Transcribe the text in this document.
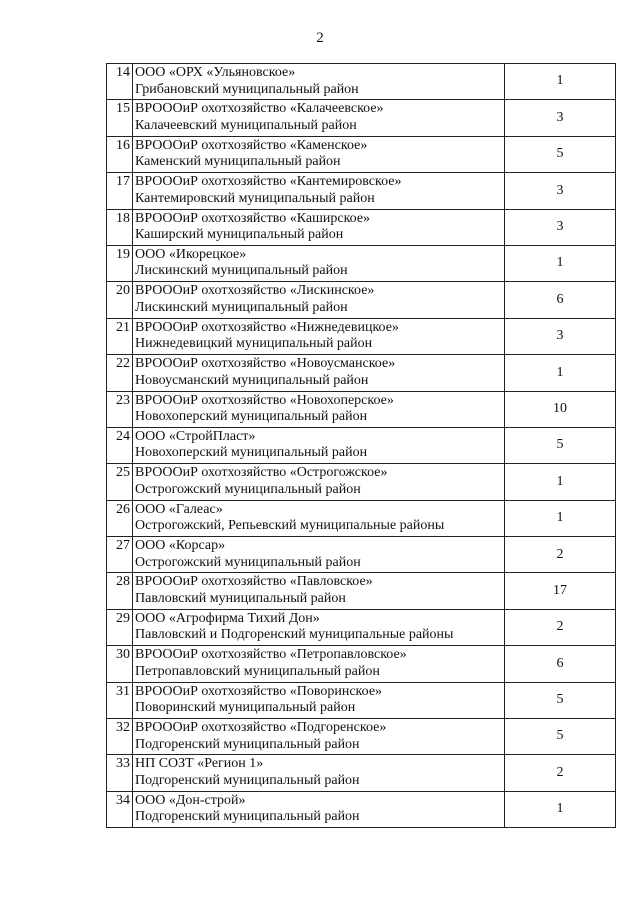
2
14	ООО «ОРХ «Ульяновское»
Грибановский муниципальный район	1
15	ВРОООиР охотхозяйство «Калачеевское»
Калачеевский муниципальный район	3
16	ВРОООиР охотхозяйство «Каменское»
Каменский муниципальный район	5
17	ВРОООиР охотхозяйство «Кантемировское»
Кантемировский муниципальный район	3
18	ВРОООиР охотхозяйство «Каширское»
Каширский муниципальный район	3
19	ООО «Икорецкое»
Лискинский муниципальный район	1
20	ВРОООиР охотхозяйство «Лискинское»
Лискинский муниципальный район	6
21	ВРОООиР охотхозяйство «Нижнедевицкое»
Нижнедевицкий муниципальный район	3
22	ВРОООиР охотхозяйство «Новоусманское»
Новоусманский муниципальный район	1
23	ВРОООиР охотхозяйство «Новохоперское»
Новохоперский муниципальный район	10
24	ООО «СтройПласт»
Новохоперский муниципальный район	5
25	ВРОООиР охотхозяйство «Острогожское»
Острогожский муниципальный район	1
26	ООО «Галеас»
Острогожский, Репьевский муниципальные районы	1
27	ООО «Корсар»
Острогожский муниципальный район	2
28	ВРОООиР охотхозяйство «Павловское»
Павловский муниципальный район	17
29	ООО «Агрофирма Тихий Дон»
Павловский и Подгоренский муниципальные районы	2
30	ВРОООиР охотхозяйство «Петропавловское»
Петропавловский муниципальный район	6
31	ВРОООиР охотхозяйство «Поворинское»
Поворинский муниципальный район	5
32	ВРОООиР охотхозяйство «Подгоренское»
Подгоренский муниципальный район	5
33	НП СОЗТ «Регион 1»
Подгоренский муниципальный район	2
34	ООО «Дон-строй»
Подгоренский муниципальный район	1
